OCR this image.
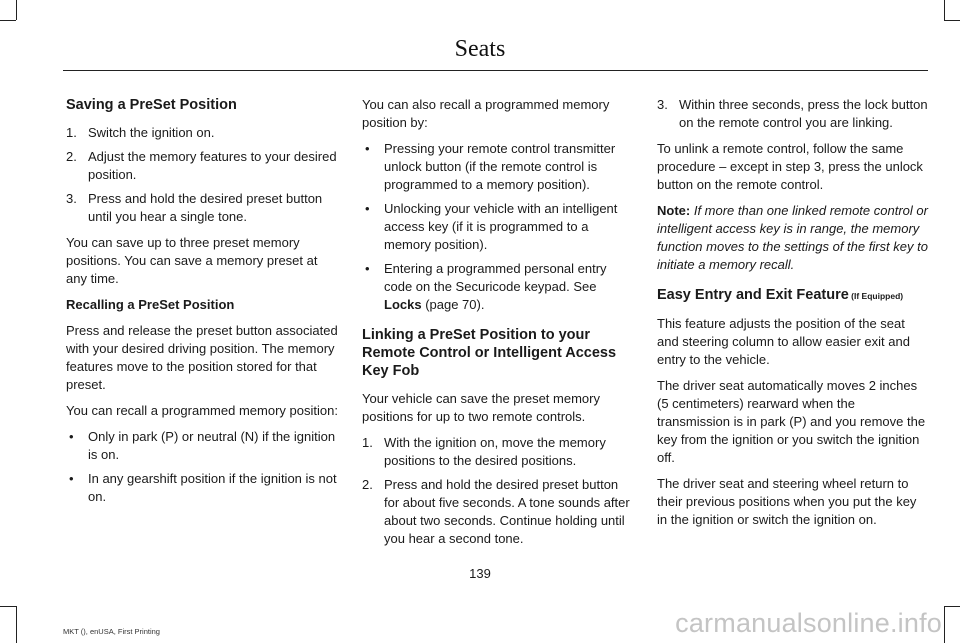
Seats
Saving a PreSet Position
1. Switch the ignition on.
2. Adjust the memory features to your desired position.
3. Press and hold the desired preset button until you hear a single tone.

You can save up to three preset memory positions. You can save a memory preset at any time.

Recalling a PreSet Position

Press and release the preset button associated with your desired driving position. The memory features move to the position stored for that preset.

You can recall a programmed memory position:

• Only in park (P) or neutral (N) if the ignition is on.
• In any gearshift position if the ignition is not on.

You can also recall a programmed memory position by:

• Pressing your remote control transmitter unlock button (if the remote control is programmed to a memory position).
• Unlocking your vehicle with an intelligent access key (if it is programmed to a memory position).
• Entering a programmed personal entry code on the Securicode keypad. See Locks (page 70).
Linking a PreSet Position to your Remote Control or Intelligent Access Key Fob

Your vehicle can save the preset memory positions for up to two remote controls.

1. With the ignition on, move the memory positions to the desired positions.
2. Press and hold the desired preset button for about five seconds. A tone sounds after about two seconds. Continue holding until you hear a second tone.
3. Within three seconds, press the lock button on the remote control you are linking.

To unlink a remote control, follow the same procedure – except in step 3, press the unlock button on the remote control.

Note: If more than one linked remote control or intelligent access key is in range, the memory function moves to the settings of the first key to initiate a memory recall.

Easy Entry and Exit Feature (If Equipped)

This feature adjusts the position of the seat and steering column to allow easier exit and entry to the vehicle.

The driver seat automatically moves 2 inches (5 centimeters) rearward when the transmission is in park (P) and you remove the key from the ignition or you switch the ignition off.

The driver seat and steering wheel return to their previous positions when you put the key in the ignition or switch the ignition on.

139
MKT (), enUSA, First Printing	carmanualsonline.info
